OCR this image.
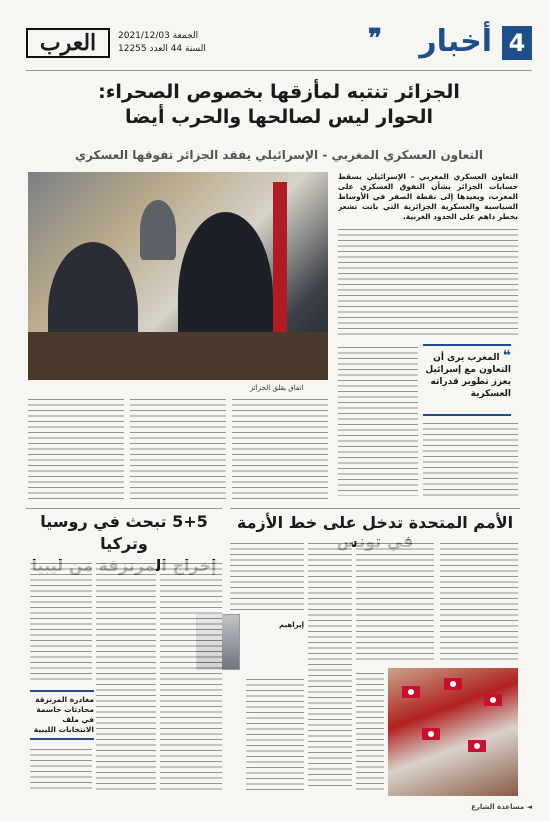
4
أخبار
❞
العرب	2021/12/03 الجمعة
السنة 44 العدد 12255
الجزائر تنتبه لمأزقها بخصوص الصحراء:
الحوار ليس لصالحها والحرب أيضا
التعاون العسكري المغربي - الإسرائيلي يفقد الجزائر تفوقها العسكري
التعاون العسكري المغربي – الإسرائيلي يسقط حسابات الجزائر بشأن التفوق العسكري على المغرب، ويعيدها إلى نقطة الصفر في الأوساط السياسية والعسكرية الجزائرية التي باتت تشعر بخطر داهم على الحدود الغربية.
❝ المغرب يرى أن التعاون مع إسرائيل يعزز تطوير قدراته العسكرية
اتفاق يقلق الجزائر
الأمم المتحدة تدخل على خط الأزمة
إبراهيم
5+5 تبحث في روسيا وتركيا
مغادرة المرتزقة محادثات حاسمة في ملف الانتخابات الليبية
◄ مساعدة الشارع
